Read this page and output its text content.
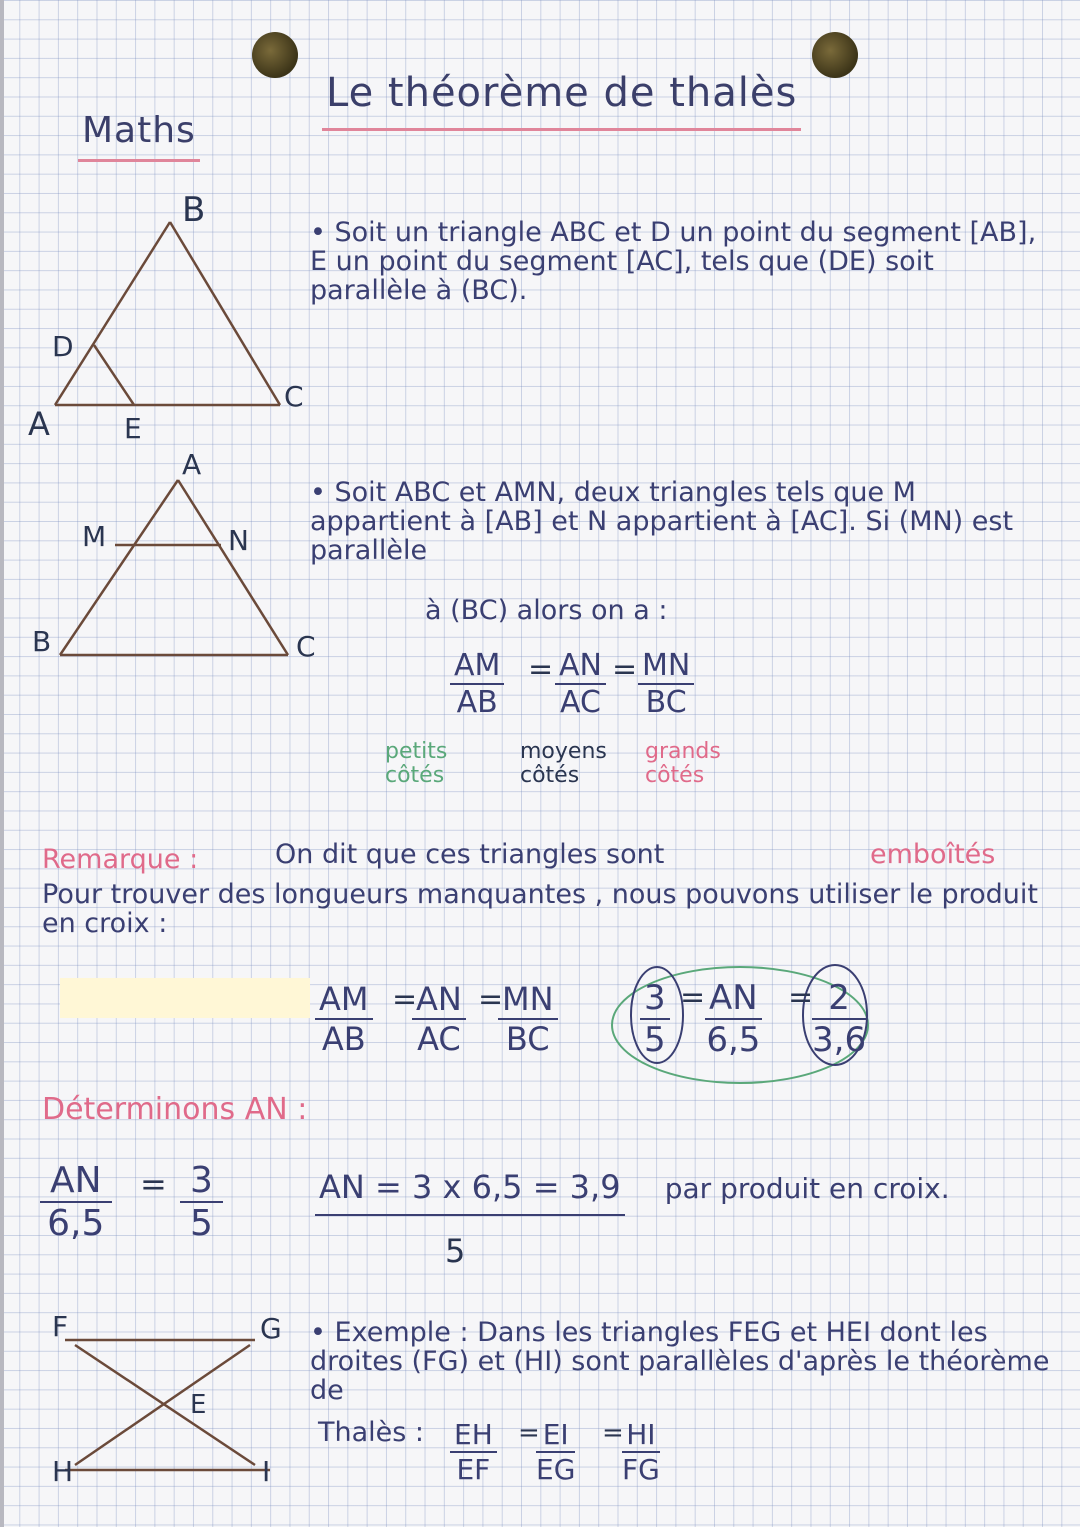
Maths
Le théorème de thalès
B
D
A	E
C
A
M	N
B	C
F	G
E
H	I
• Soit un triangle ABC et D un point du segment [AB], E un point du segment [AC], tels que (DE) soit parallèle à (BC).
• Soit ABC et AMN, deux triangles tels que M appartient à [AB] et N appartient à [AC]. Si (MN) est parallèle
à (BC) alors on a :
$\frac{AM}{AB} = \frac{AN}{AC} = \frac{MN}{BC}$
petits côtés
moyens côtés
grands côtés
Remarque :	On dit que ces triangles sont	emboîtés
Pour trouver des longueurs manquantes , nous pouvons utiliser le produit en croix :
$\frac{AM}{AB}$ =
$\frac{AN}{AC}$ =
$\frac{MN}{BC} \frac{3}{5} = \frac{AN}{6,5}$ =
$\frac{2}{3,6}$
Déterminons AN :
$\frac{AN}{6,5} = \frac{3}{5}$	AN = 3 x 6,5 = 3,9 par produit en croix.
5
• Exemple : Dans les triangles FEG et HEI dont les droites (FG) et (HI) sont parallèles d'après le théorème de
Thalès : $\frac{EH}{EF}$ =
$\frac{EI}{EG}$ =
$\frac{HI}{FG}$
